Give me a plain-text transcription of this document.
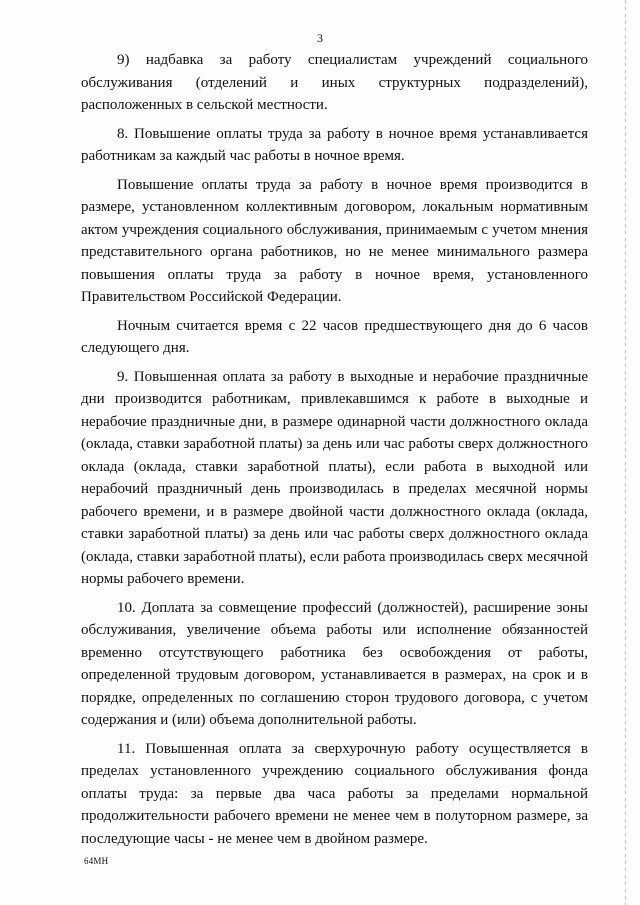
3

9) надбавка за работу специалистам учреждений социального обслуживания (отделений и иных структурных подразделений), расположенных в сельской местности.

8. Повышение оплаты труда за работу в ночное время устанавливается работникам за каждый час работы в ночное время.

Повышение оплаты труда за работу в ночное время производится в размере, установленном коллективным договором, локальным нормативным актом учреждения социального обслуживания, принимаемым с учетом мнения представительного органа работников, но не менее минимального размера повышения оплаты труда за работу в ночное время, установленного Правительством Российской Федерации.

Ночным считается время с 22 часов предшествующего дня до 6 часов следующего дня.

9. Повышенная оплата за работу в выходные и нерабочие праздничные дни производится работникам, привлекавшимся к работе в выходные и нерабочие праздничные дни, в размере одинарной части должностного оклада (оклада, ставки заработной платы) за день или час работы сверх должностного оклада (оклада, ставки заработной платы), если работа в выходной или нерабочий праздничный день производилась в пределах месячной нормы рабочего времени, и в размере двойной части должностного оклада (оклада, ставки заработной платы) за день или час работы сверх должностного оклада (оклада, ставки заработной платы), если работа производилась сверх месячной нормы рабочего времени.

10. Доплата за совмещение профессий (должностей), расширение зоны обслуживания, увеличение объема работы или исполнение обязанностей временно отсутствующего работника без освобождения от работы, определенной трудовым договором, устанавливается в размерах, на срок и в порядке, определенных по соглашению сторон трудового договора, с учетом содержания и (или) объема дополнительной работы.

11. Повышенная оплата за сверхурочную работу осуществляется в пределах установленного учреждению социального обслуживания фонда оплаты труда: за первые два часа работы за пределами нормальной продолжительности рабочего времени не менее чем в полуторном размере, за последующие часы - не менее чем в двойном размере.

64МН
